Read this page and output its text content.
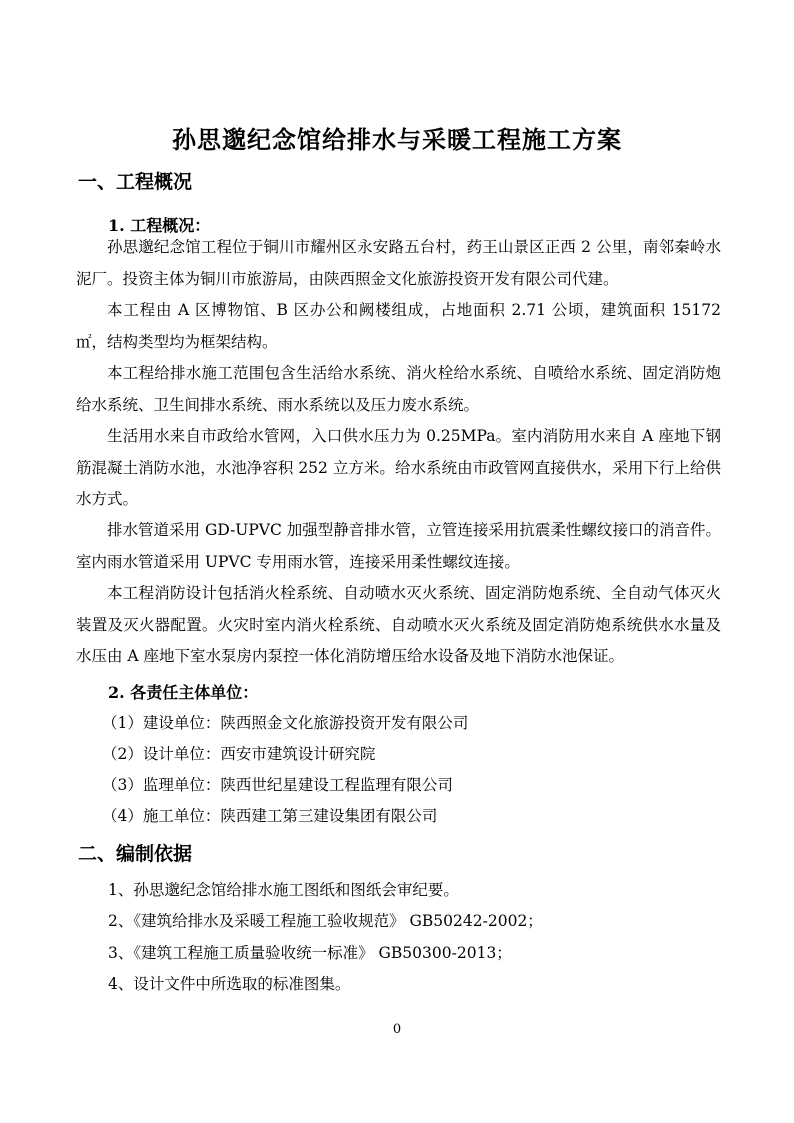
孙思邈纪念馆给排水与采暖工程施工方案
一、工程概况
1. 工程概况：
孙思邈纪念馆工程位于铜川市耀州区永安路五台村，药王山景区正西 2 公里，南邻秦岭水泥厂。投资主体为铜川市旅游局，由陕西照金文化旅游投资开发有限公司代建。
本工程由 A 区博物馆、B 区办公和阙楼组成，占地面积 2.71 公顷，建筑面积 15172㎡，结构类型均为框架结构。
本工程给排水施工范围包含生活给水系统、消火栓给水系统、自喷给水系统、固定消防炮给水系统、卫生间排水系统、雨水系统以及压力废水系统。
生活用水来自市政给水管网，入口供水压力为 0.25MPa。室内消防用水来自 A 座地下钢筋混凝土消防水池，水池净容积 252 立方米。给水系统由市政管网直接供水，采用下行上给供水方式。
排水管道采用 GD-UPVC 加强型静音排水管，立管连接采用抗震柔性螺纹接口的消音件。室内雨水管道采用 UPVC 专用雨水管，连接采用柔性螺纹连接。
本工程消防设计包括消火栓系统、自动喷水灭火系统、固定消防炮系统、全自动气体灭火装置及灭火器配置。火灾时室内消火栓系统、自动喷水灭火系统及固定消防炮系统供水水量及水压由 A 座地下室水泵房内泵控一体化消防增压给水设备及地下消防水池保证。
2. 各责任主体单位：
（1）建设单位：陕西照金文化旅游投资开发有限公司
（2）设计单位：西安市建筑设计研究院
（3）监理单位：陕西世纪星建设工程监理有限公司
（4）施工单位：陕西建工第三建设集团有限公司
二、编制依据
1、孙思邈纪念馆给排水施工图纸和图纸会审纪要。
2、《建筑给排水及采暖工程施工验收规范》 GB50242-2002；
3、《建筑工程施工质量验收统一标准》 GB50300-2013；
4、设计文件中所选取的标准图集。
0
